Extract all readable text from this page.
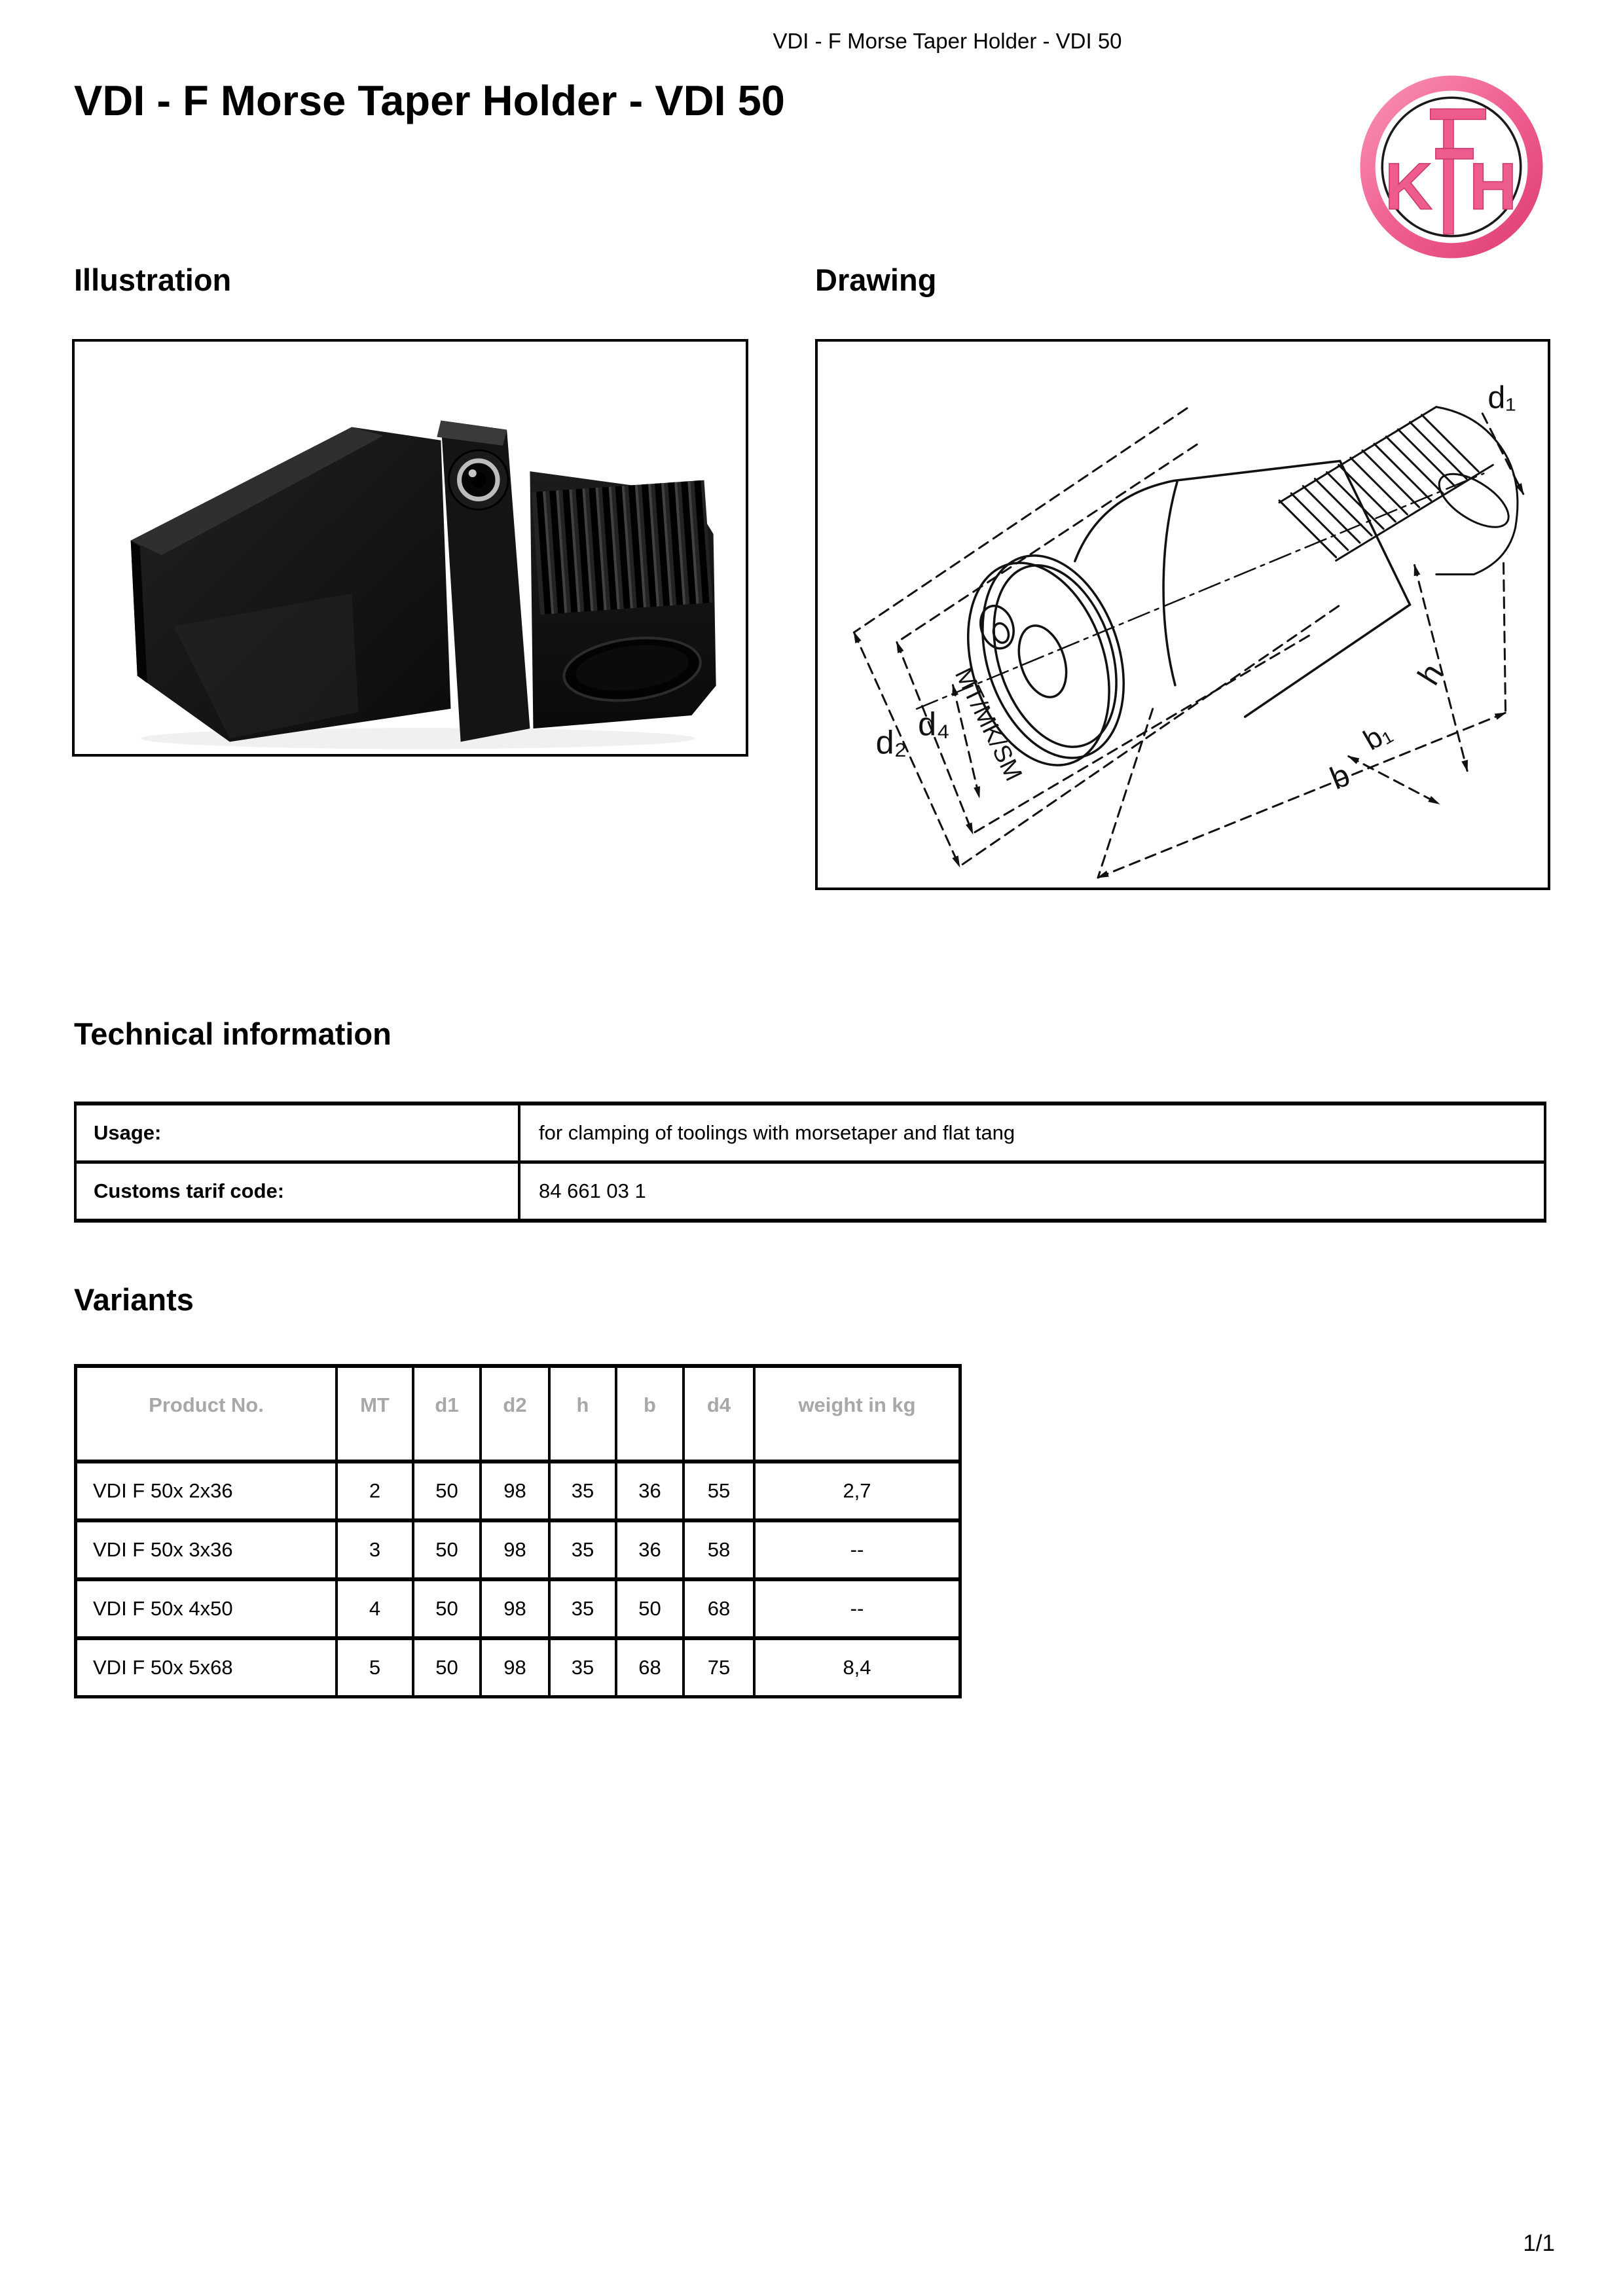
VDI - F Morse Taper Holder - VDI 50
VDI - F Morse Taper Holder - VDI 50
K H
Illustration	Drawing
d₁
d₂ d₄ MT/MK/SM	h
b₁
b
Technical information
Usage:	for clamping of toolings with morsetaper and flat tang
Customs tarif code:	84 661 03 1
Variants
Product No.	MT	d1	d2	h	b	d4	weight in kg
VDI F 50x 2x36	2	50	98	35	36	55	2,7
VDI F 50x 3x36	3	50	98	35	36	58	--
VDI F 50x 4x50	4	50	98	35	50	68	--
VDI F 50x 5x68	5	50	98	35	68	75	8,4
1/1
